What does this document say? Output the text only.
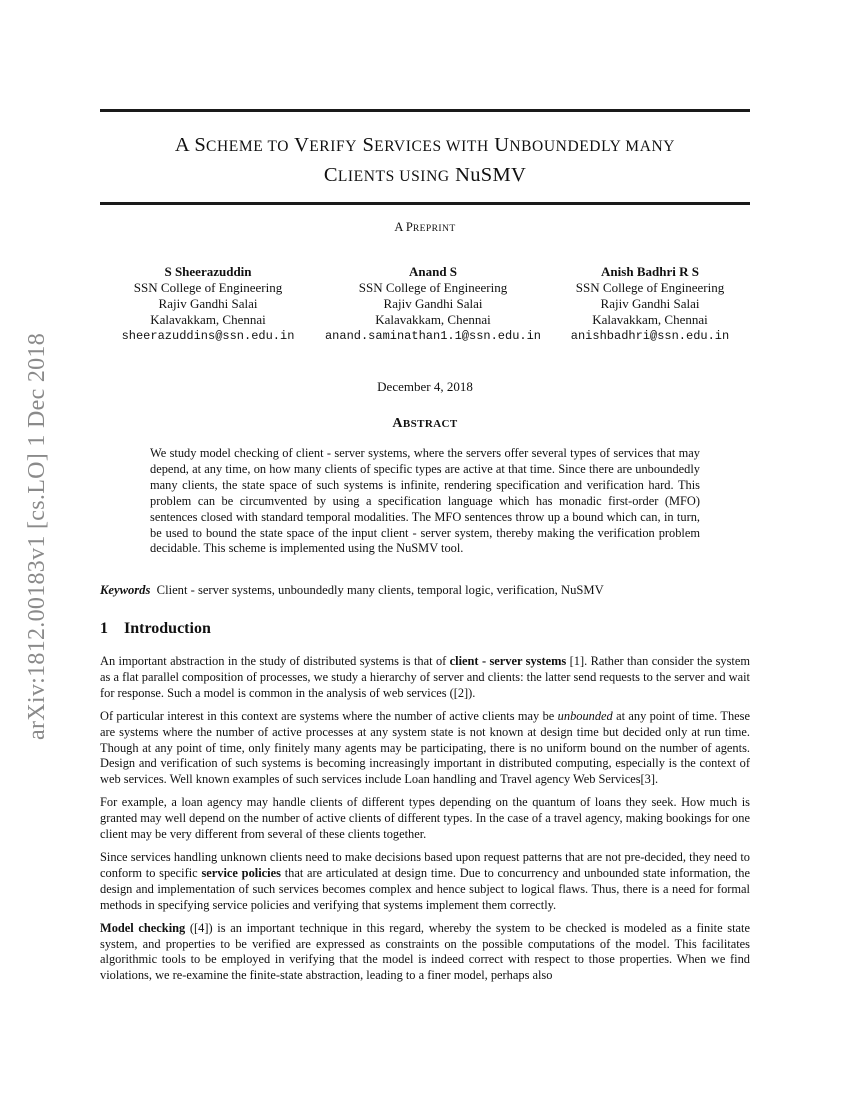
arXiv:1812.00183v1 [cs.LO] 1 Dec 2018
A SCHEME TO VERIFY SERVICES WITH UNBOUNDEDLY MANY
CLIENTS USING NuSMV
A PREPRINT
S Sheerazuddin
SSN College of Engineering
Rajiv Gandhi Salai
Kalavakkam, Chennai
sheerazuddins@ssn.edu.in
Anand S
SSN College of Engineering
Rajiv Gandhi Salai
Kalavakkam, Chennai
anand.saminathan1.1@ssn.edu.in
Anish Badhri R S
SSN College of Engineering
Rajiv Gandhi Salai
Kalavakkam, Chennai
anishbadhri@ssn.edu.in
December 4, 2018
ABSTRACT

We study model checking of client - server systems, where the servers offer several types of services that may depend, at any time, on how many clients of specific types are active at that time. Since there are unboundedly many clients, the state space of such systems is infinite, rendering specification and verification hard. This problem can be circumvented by using a specification language which has monadic first-order (MFO) sentences closed with standard temporal modalities. The MFO sentences throw up a bound which can, in turn, be used to bound the state space of the input client - server system, thereby making the verification problem decidable. This scheme is implemented using the NuSMV tool.

Keywords Client - server systems, unboundedly many clients, temporal logic, verification, NuSMV
1 Introduction

An important abstraction in the study of distributed systems is that of client - server systems [1]. Rather than consider the system as a flat parallel composition of processes, we study a hierarchy of server and clients: the latter send requests to the server and wait for response. Such a model is common in the analysis of web services ([2]).

Of particular interest in this context are systems where the number of active clients may be unbounded at any point of time. These are systems where the number of active processes at any system state is not known at design time but decided only at run time. Though at any point of time, only finitely many agents may be participating, there is no uniform bound on the number of agents. Design and verification of such systems is becoming increasingly important in distributed computing, especially is the context of web services. Well known examples of such services include Loan handling and Travel agency Web Services[3].

For example, a loan agency may handle clients of different types depending on the quantum of loans they seek. How much is granted may well depend on the number of active clients of different types. In the case of a travel agency, making bookings for one client may be very different from several of these clients together.

Since services handling unknown clients need to make decisions based upon request patterns that are not pre-decided, they need to conform to specific service policies that are articulated at design time. Due to concurrency and unbounded state information, the design and implementation of such services becomes complex and hence subject to logical flaws. Thus, there is a need for formal methods in specifying service policies and verifying that systems implement them correctly.

Model checking ([4]) is an important technique in this regard, whereby the system to be checked is modeled as a finite state system, and properties to be verified are expressed as constraints on the possible computations of the model. This facilitates algorithmic tools to be employed in verifying that the model is indeed correct with respect to those properties. When we find violations, we re-examine the finite-state abstraction, leading to a finer model, perhaps also
